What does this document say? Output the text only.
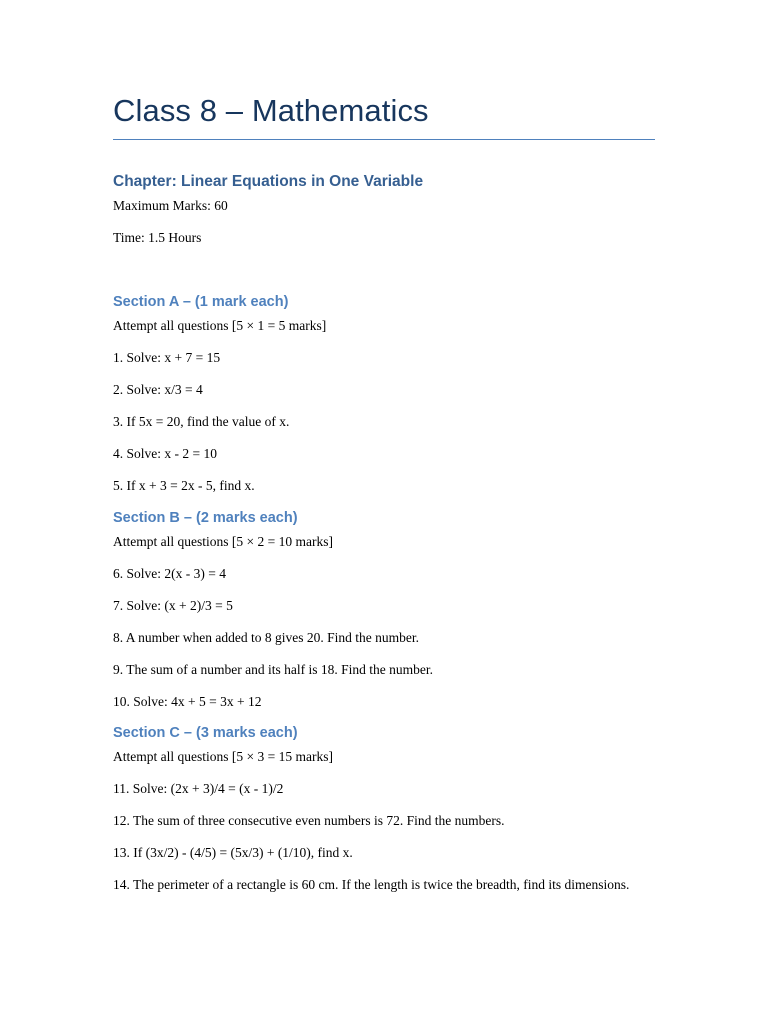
Class 8 – Mathematics
Chapter: Linear Equations in One Variable
Maximum Marks: 60
Time: 1.5 Hours
Section A – (1 mark each)
Attempt all questions [5 × 1 = 5 marks]
1. Solve: x + 7 = 15
2. Solve: x/3 = 4
3. If 5x = 20, find the value of x.
4. Solve: x - 2 = 10
5. If x + 3 = 2x - 5, find x.
Section B – (2 marks each)
Attempt all questions [5 × 2 = 10 marks]
6. Solve: 2(x - 3) = 4
7. Solve: (x + 2)/3 = 5
8. A number when added to 8 gives 20. Find the number.
9. The sum of a number and its half is 18. Find the number.
10. Solve: 4x + 5 = 3x + 12
Section C – (3 marks each)
Attempt all questions [5 × 3 = 15 marks]
11. Solve: (2x + 3)/4 = (x - 1)/2
12. The sum of three consecutive even numbers is 72. Find the numbers.
13. If (3x/2) - (4/5) = (5x/3) + (1/10), find x.
14. The perimeter of a rectangle is 60 cm. If the length is twice the breadth, find its dimensions.
